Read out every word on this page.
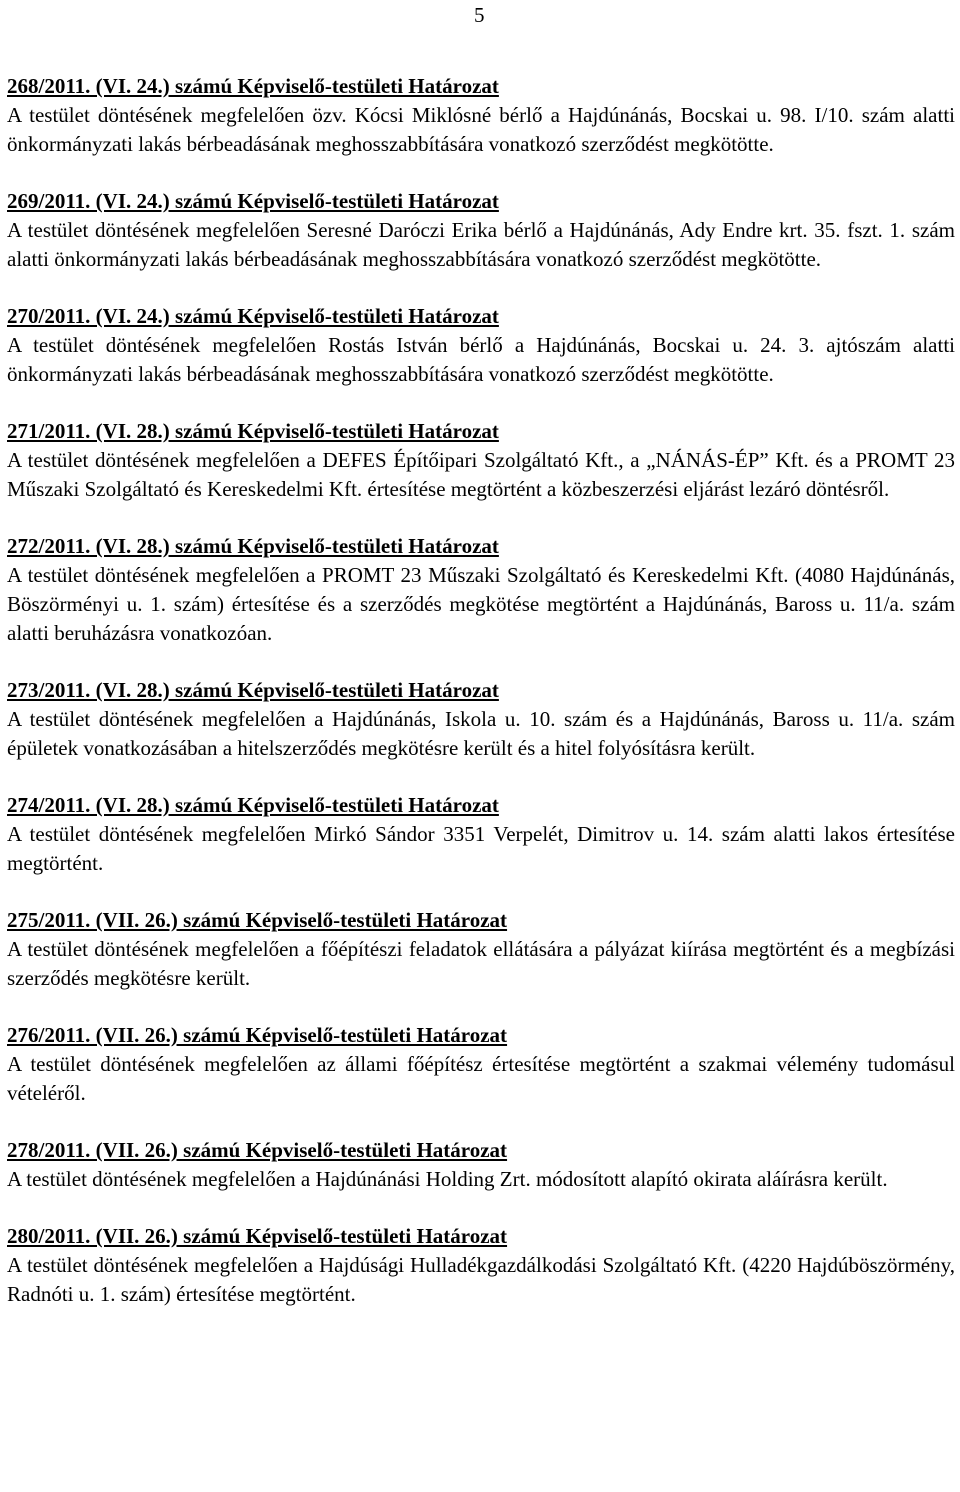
5

268/2011. (VI. 24.) számú Képviselő-testületi Határozat

A testület döntésének megfelelően özv. Kócsi Miklósné bérlő a Hajdúnánás, Bocskai u. 98. I/10. szám alatti önkormányzati lakás bérbeadásának meghosszabbítására vonatkozó szerződést megkötötte.

269/2011. (VI. 24.) számú Képviselő-testületi Határozat

A testület döntésének megfelelően Seresné Daróczi Erika bérlő a Hajdúnánás, Ady Endre krt. 35. fszt. 1. szám alatti önkormányzati lakás bérbeadásának meghosszabbítására vonatkozó szerződést megkötötte.

270/2011. (VI. 24.) számú Képviselő-testületi Határozat

A testület döntésének megfelelően Rostás István bérlő a Hajdúnánás, Bocskai u. 24. 3. ajtószám alatti önkormányzati lakás bérbeadásának meghosszabbítására vonatkozó szerződést megkötötte.

271/2011. (VI. 28.) számú Képviselő-testületi Határozat

A testület döntésének megfelelően a DEFES Építőipari Szolgáltató Kft., a „NÁNÁS-ÉP” Kft. és a PROMT 23 Műszaki Szolgáltató és Kereskedelmi Kft. értesítése megtörtént a közbeszerzési eljárást lezáró döntésről.

272/2011. (VI. 28.) számú Képviselő-testületi Határozat

A testület döntésének megfelelően a PROMT 23 Műszaki Szolgáltató és Kereskedelmi Kft. (4080 Hajdúnánás, Böszörményi u. 1. szám) értesítése és a szerződés megkötése megtörtént a Hajdúnánás, Baross u. 11/a. szám alatti beruházásra vonatkozóan.

273/2011. (VI. 28.) számú Képviselő-testületi Határozat

A testület döntésének megfelelően a Hajdúnánás, Iskola u. 10. szám és a Hajdúnánás, Baross u. 11/a. szám épületek vonatkozásában a hitelszerződés megkötésre került és a hitel folyósításra került.

274/2011. (VI. 28.) számú Képviselő-testületi Határozat

A testület döntésének megfelelően Mirkó Sándor 3351 Verpelét, Dimitrov u. 14. szám alatti lakos értesítése megtörtént.

275/2011. (VII. 26.) számú Képviselő-testületi Határozat

A testület döntésének megfelelően a főépítészi feladatok ellátására a pályázat kiírása megtörtént és a megbízási szerződés megkötésre került.

276/2011. (VII. 26.) számú Képviselő-testületi Határozat

A testület döntésének megfelelően az állami főépítész értesítése megtörtént a szakmai vélemény tudomásul vételéről.

278/2011. (VII. 26.) számú Képviselő-testületi Határozat

A testület döntésének megfelelően a Hajdúnánási Holding Zrt. módosított alapító okirata aláírásra került.

280/2011. (VII. 26.) számú Képviselő-testületi Határozat

A testület döntésének megfelelően a Hajdúsági Hulladékgazdálkodási Szolgáltató Kft. (4220 Hajdúböszörmény, Radnóti u. 1. szám) értesítése megtörtént.
